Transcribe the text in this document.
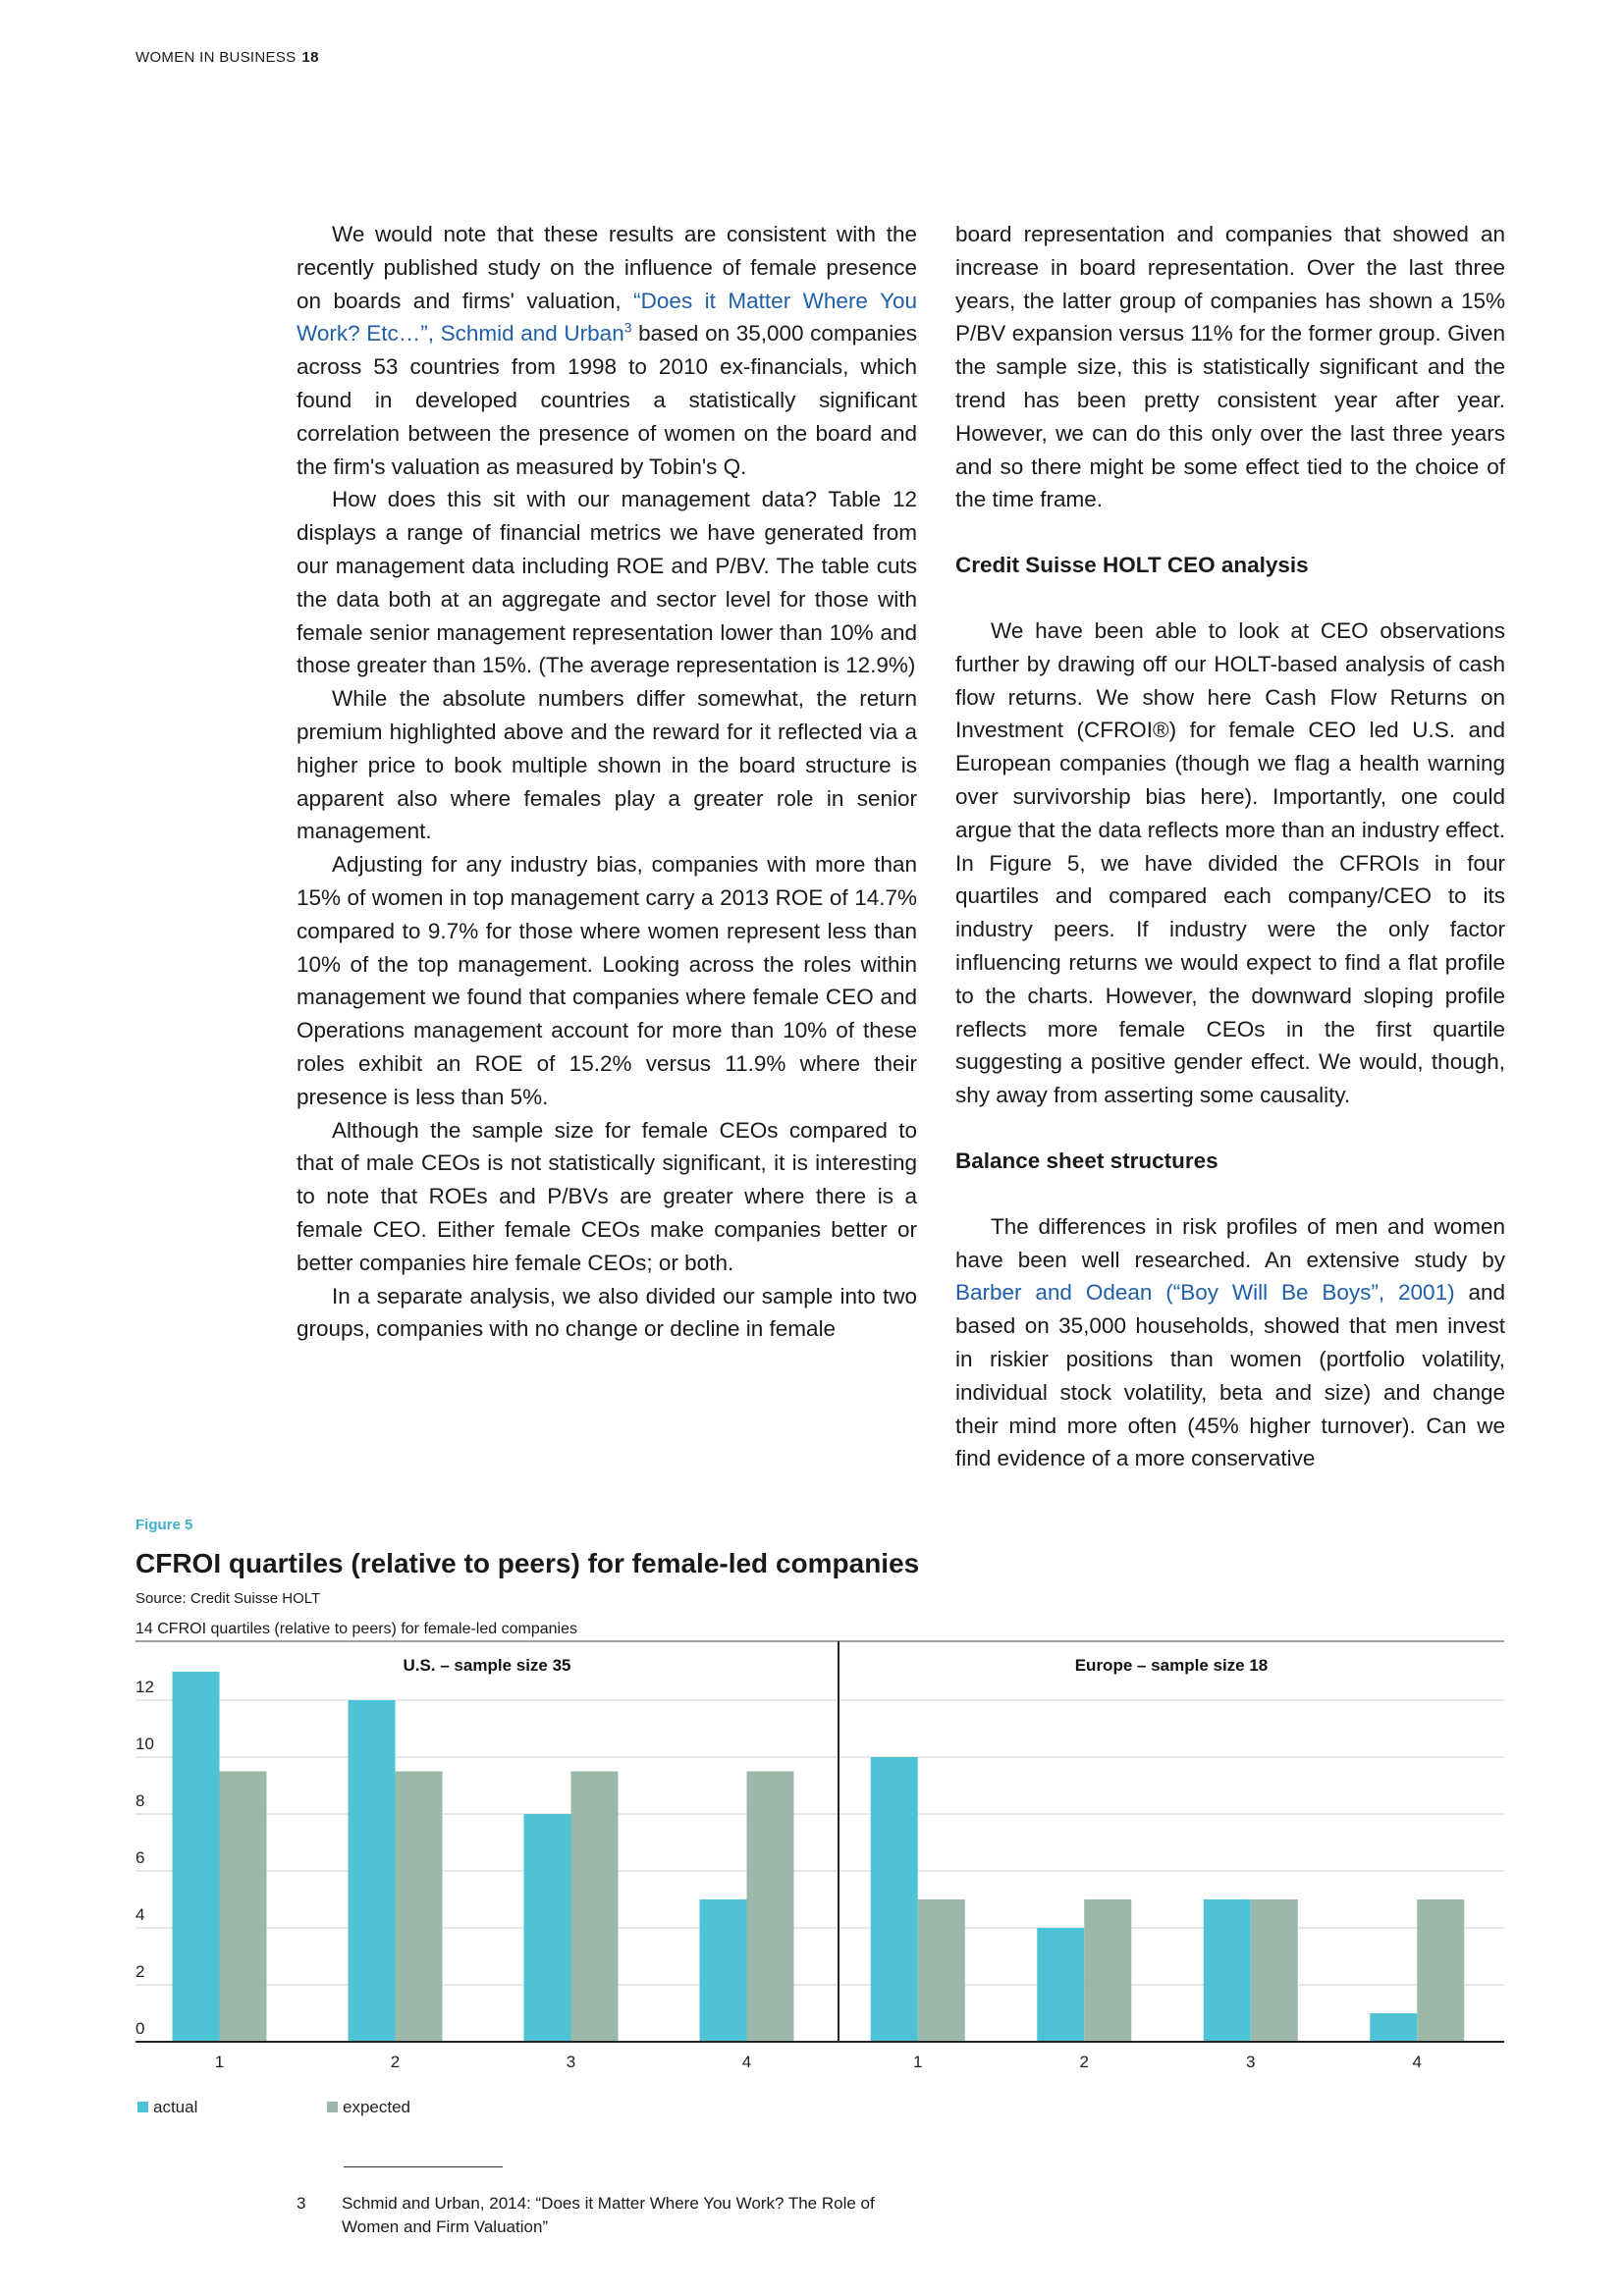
WOMEN IN BUSINESS 18

We would note that these results are consistent with the recently published study on the influence of female presence on boards and firms' valuation, “Does it Matter Where You Work? Etc…”, Schmid and Urban$^3$ based on 35,000 companies across 53 countries from 1998 to 2010 ex-financials, which found in developed countries a statistically significant correlation between the presence of women on the board and the firm's valuation as measured by Tobin's Q.

How does this sit with our management data? Table 12 displays a range of financial metrics we have generated from our management data including ROE and P/BV. The table cuts the data both at an aggregate and sector level for those with female senior management representation lower than 10% and those greater than 15%. (The average representation is 12.9%)

While the absolute numbers differ somewhat, the return premium highlighted above and the reward for it reflected via a higher price to book multiple shown in the board structure is apparent also where females play a greater role in senior management.

Adjusting for any industry bias, companies with more than 15% of women in top management carry a 2013 ROE of 14.7% compared to 9.7% for those where women represent less than 10% of the top management. Looking across the roles within management we found that companies where female CEO and Operations management account for more than 10% of these roles exhibit an ROE of 15.2% versus 11.9% where their presence is less than 5%.

Although the sample size for female CEOs compared to that of male CEOs is not statistically significant, it is interesting to note that ROEs and P/BVs are greater where there is a female CEO. Either female CEOs make companies better or better companies hire female CEOs; or both.

In a separate analysis, we also divided our sample into two groups, companies with no change or decline in female

board representation and companies that showed an increase in board representation. Over the last three years, the latter group of companies has shown a 15% P/BV expansion versus 11% for the former group. Given the sample size, this is statistically significant and the trend has been pretty consistent year after year. However, we can do this only over the last three years and so there might be some effect tied to the choice of the time frame.

Credit Suisse HOLT CEO analysis

We have been able to look at CEO observations further by drawing off our HOLT-based analysis of cash flow returns. We show here Cash Flow Returns on Investment (CFROI®) for female CEO led U.S. and European companies (though we flag a health warning over survivorship bias here). Importantly, one could argue that the data reflects more than an industry effect. In Figure 5, we have divided the CFROIs in four quartiles and compared each company/CEO to its industry peers. If industry were the only factor influencing returns we would expect to find a flat profile to the charts. However, the downward sloping profile reflects more female CEOs in the first quartile suggesting a positive gender effect. We would, though, shy away from asserting some causality.

Balance sheet structures

The differences in risk profiles of men and women have been well researched. An extensive study by Barber and Odean (“Boy Will Be Boys”, 2001) and based on 35,000 households, showed that men invest in riskier positions than women (portfolio volatility, individual stock volatility, beta and size) and change their mind more often (45% higher turnover). Can we find evidence of a more conservative

Figure 5
CFROI quartiles (relative to peers) for female-led companies
Source: Credit Suisse HOLT
14 CFROI quartiles (relative to peers) for female-led companies
0
2
4
6
8
10
12
U.S. – sample size 35
1	2	3	4
Europe – sample size 18
1	2	3	4
actual	expected
3 Schmid and Urban, 2014: “Does it Matter Where You Work? The Role of Women and Firm Valuation”
